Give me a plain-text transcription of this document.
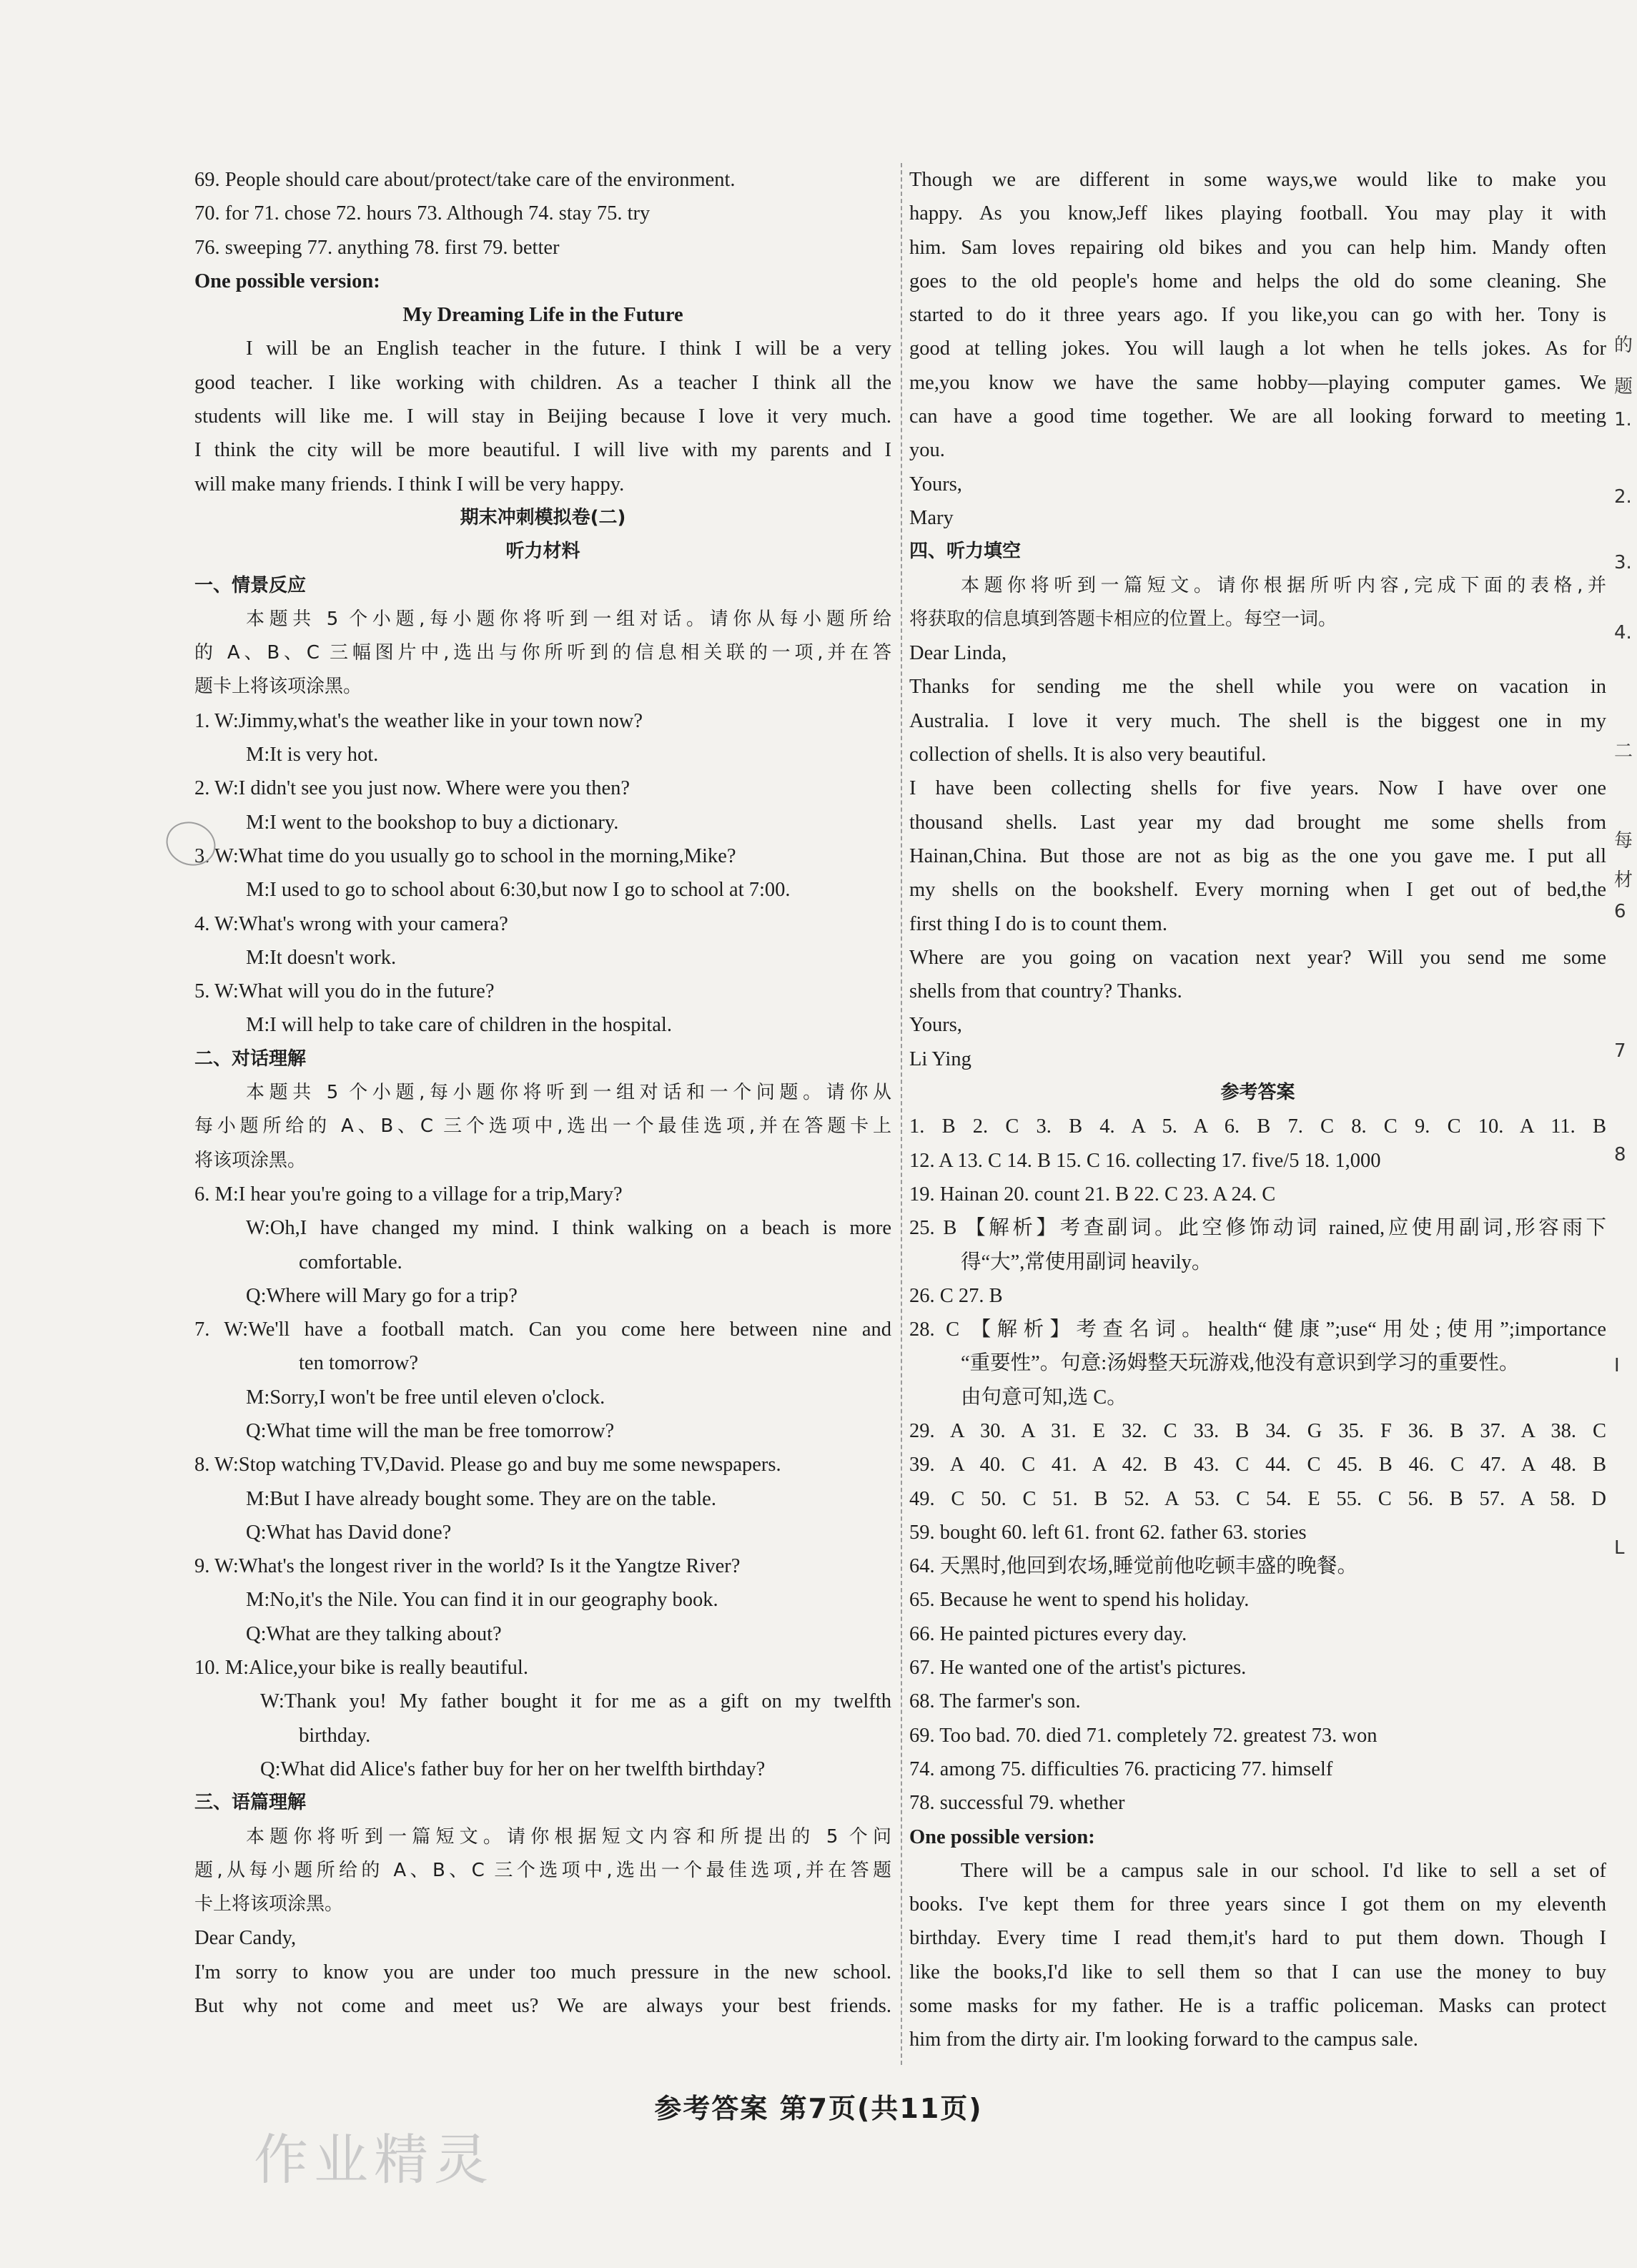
69. People should care about/protect/take care of the environment.
70. for 71. chose 72. hours 73. Although 74. stay 75. try
76. sweeping 77. anything 78. first 79. better
One possible version:
My Dreaming Life in the Future
I will be an English teacher in the future. I think I will be a very
good teacher. I like working with children. As a teacher I think all the
students will like me. I will stay in Beijing because I love it very much.
I think the city will be more beautiful. I will live with my parents and I
will make many friends. I think I will be very happy.
期末冲刺模拟卷(二)
听力材料
一、情景反应
本题共 5 个小题,每小题你将听到一组对话。请你从每小题所给
的 A、B、C 三幅图片中,选出与你所听到的信息相关联的一项,并在答
题卡上将该项涂黑。
1. W:Jimmy,what's the weather like in your town now?
M:It is very hot.
2. W:I didn't see you just now. Where were you then?
M:I went to the bookshop to buy a dictionary.
3. W:What time do you usually go to school in the morning,Mike?
M:I used to go to school about 6:30,but now I go to school at 7:00.
4. W:What's wrong with your camera?
M:It doesn't work.
5. W:What will you do in the future?
M:I will help to take care of children in the hospital.
二、对话理解
本题共 5 个小题,每小题你将听到一组对话和一个问题。请你从
每小题所给的 A、B、C 三个选项中,选出一个最佳选项,并在答题卡上
将该项涂黑。
6. M:I hear you're going to a village for a trip,Mary?
W:Oh,I have changed my mind. I think walking on a beach is more
comfortable.
Q:Where will Mary go for a trip?
7. W:We'll have a football match. Can you come here between nine and
ten tomorrow?
M:Sorry,I won't be free until eleven o'clock.
Q:What time will the man be free tomorrow?
8. W:Stop watching TV,David. Please go and buy me some newspapers.
M:But I have already bought some. They are on the table.
Q:What has David done?
9. W:What's the longest river in the world? Is it the Yangtze River?
M:No,it's the Nile. You can find it in our geography book.
Q:What are they talking about?
10. M:Alice,your bike is really beautiful.
W:Thank you! My father bought it for me as a gift on my twelfth
birthday.
Q:What did Alice's father buy for her on her twelfth birthday?
三、语篇理解
本题你将听到一篇短文。请你根据短文内容和所提出的 5 个问
题,从每小题所给的 A、B、C 三个选项中,选出一个最佳选项,并在答题
卡上将该项涂黑。
Dear Candy,
I'm sorry to know you are under too much pressure in the new school.
But why not come and meet us? We are always your best friends.
Though we are different in some ways,we would like to make you
happy. As you know,Jeff likes playing football. You may play it with
him. Sam loves repairing old bikes and you can help him. Mandy often
goes to the old people's home and helps the old do some cleaning. She
started to do it three years ago. If you like,you can go with her. Tony is
good at telling jokes. You will laugh a lot when he tells jokes. As for
me,you know we have the same hobby—playing computer games. We
can have a good time together. We are all looking forward to meeting
you.
Yours,
Mary
四、听力填空
本题你将听到一篇短文。请你根据所听内容,完成下面的表格,并
将获取的信息填到答题卡相应的位置上。每空一词。
Dear Linda,
Thanks for sending me the shell while you were on vacation in
Australia. I love it very much. The shell is the biggest one in my
collection of shells. It is also very beautiful.
I have been collecting shells for five years. Now I have over one
thousand shells. Last year my dad brought me some shells from
Hainan,China. But those are not as big as the one you gave me. I put all
my shells on the bookshelf. Every morning when I get out of bed,the
first thing I do is to count them.
Where are you going on vacation next year? Will you send me some
shells from that country? Thanks.
Yours,
Li Ying
参考答案
1. B 2. C 3. B 4. A 5. A 6. B 7. C 8. C 9. C 10. A 11. B
12. A 13. C 14. B 15. C 16. collecting 17. five/5 18. 1,000
19. Hainan 20. count 21. B 22. C 23. A 24. C
25. B 【解析】考查副词。此空修饰动词 rained,应使用副词,形容雨下
得“大”,常使用副词 heavily。
26. C 27. B
28. C 【解析】考查名词。health“健康”;use“用处;使用”;importance
“重要性”。句意:汤姆整天玩游戏,他没有意识到学习的重要性。
由句意可知,选 C。
29. A 30. A 31. E 32. C 33. B 34. G 35. F 36. B 37. A 38. C
39. A 40. C 41. A 42. B 43. C 44. C 45. B 46. C 47. A 48. B
49. C 50. C 51. B 52. A 53. C 54. E 55. C 56. B 57. A 58. D
59. bought 60. left 61. front 62. father 63. stories
64. 天黑时,他回到农场,睡觉前他吃顿丰盛的晚餐。
65. Because he went to spend his holiday.
66. He painted pictures every day.
67. He wanted one of the artist's pictures.
68. The farmer's son.
69. Too bad. 70. died 71. completely 72. greatest 73. won
74. among 75. difficulties 76. practicing 77. himself
78. successful 79. whether
One possible version:
There will be a campus sale in our school. I'd like to sell a set of
books. I've kept them for three years since I got them on my eleventh
birthday. Every time I read them,it's hard to put them down. Though I
like the books,I'd like to sell them so that I can use the money to buy
some masks for my father. He is a traffic policeman. Masks can protect
him from the dirty air. I'm looking forward to the campus sale.
的
题
1.
2.
3.
4.
二
每
材
6
7
8
I
L
参考答案 第7页(共11页)
作业精灵
